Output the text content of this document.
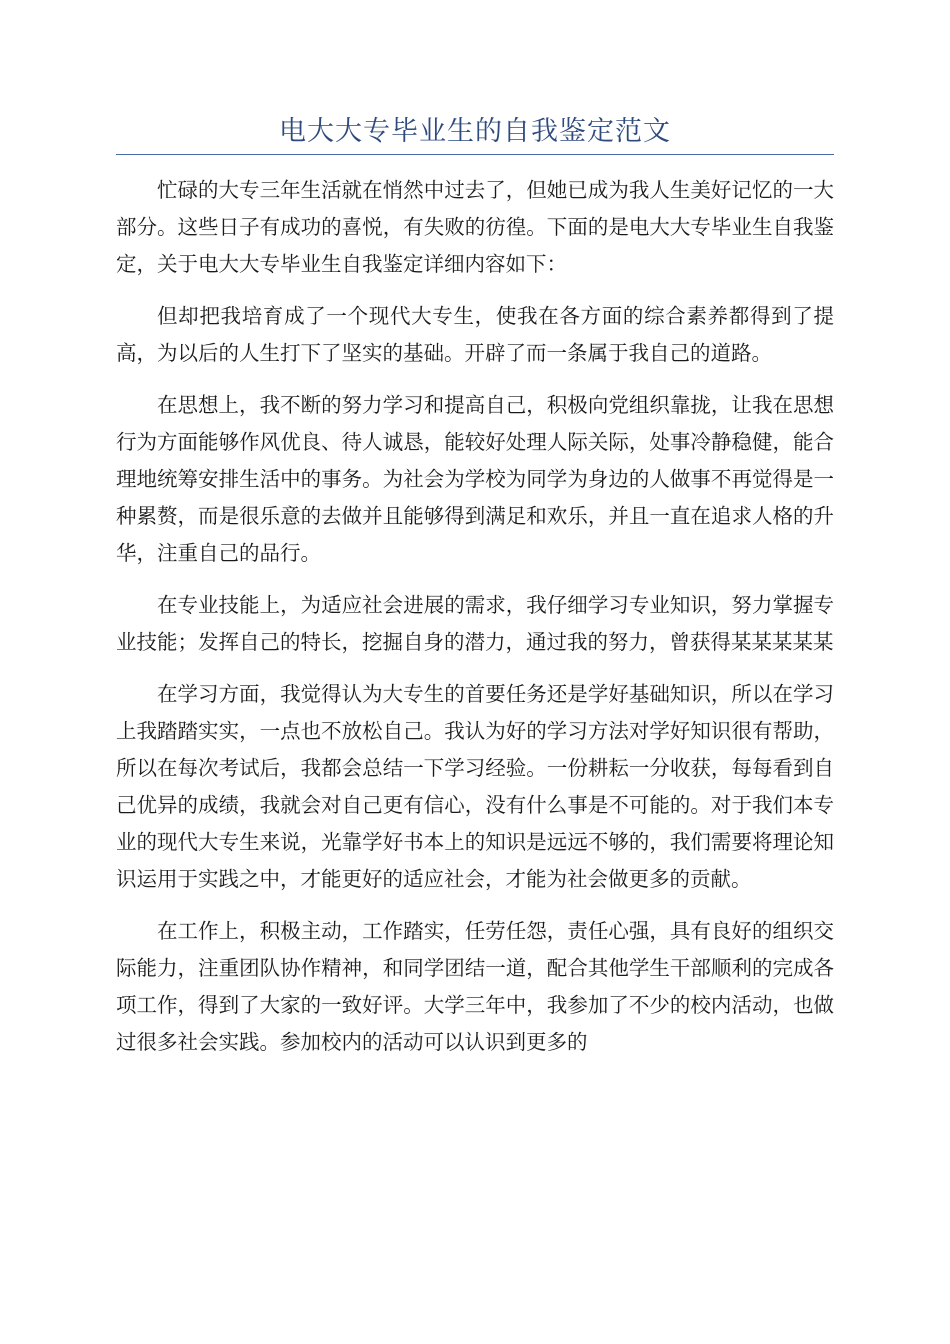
电大大专毕业生的自我鉴定范文

忙碌的大专三年生活就在悄然中过去了，但她已成为我人生美好记忆的一大部分。这些日子有成功的喜悦，有失败的彷徨。下面的是电大大专毕业生自我鉴定，关于电大大专毕业生自我鉴定详细内容如下：

但却把我培育成了一个现代大专生，使我在各方面的综合素养都得到了提高，为以后的人生打下了坚实的基础。开辟了而一条属于我自己的道路。

在思想上，我不断的努力学习和提高自己，积极向党组织靠拢，让我在思想行为方面能够作风优良、待人诚恳，能较好处理人际关际，处事冷静稳健，能合理地统筹安排生活中的事务。为社会为学校为同学为身边的人做事不再觉得是一种累赘，而是很乐意的去做并且能够得到满足和欢乐，并且一直在追求人格的升华，注重自己的品行。

在专业技能上，为适应社会进展的需求，我仔细学习专业知识，努力掌握专业技能；发挥自己的特长，挖掘自身的潜力，通过我的努力，曾获得某某某某某

在学习方面，我觉得认为大专生的首要任务还是学好基础知识，所以在学习上我踏踏实实，一点也不放松自己。我认为好的学习方法对学好知识很有帮助，所以在每次考试后，我都会总结一下学习经验。一份耕耘一分收获，每每看到自己优异的成绩，我就会对自己更有信心，没有什么事是不可能的。对于我们本专业的现代大专生来说，光靠学好书本上的知识是远远不够的，我们需要将理论知识运用于实践之中，才能更好的适应社会，才能为社会做更多的贡献。

在工作上，积极主动，工作踏实，任劳任怨，责任心强，具有良好的组织交际能力，注重团队协作精神，和同学团结一道，配合其他学生干部顺利的完成各项工作，得到了大家的一致好评。大学三年中，我参加了不少的校内活动，也做过很多社会实践。参加校内的活动可以认识到更多的
